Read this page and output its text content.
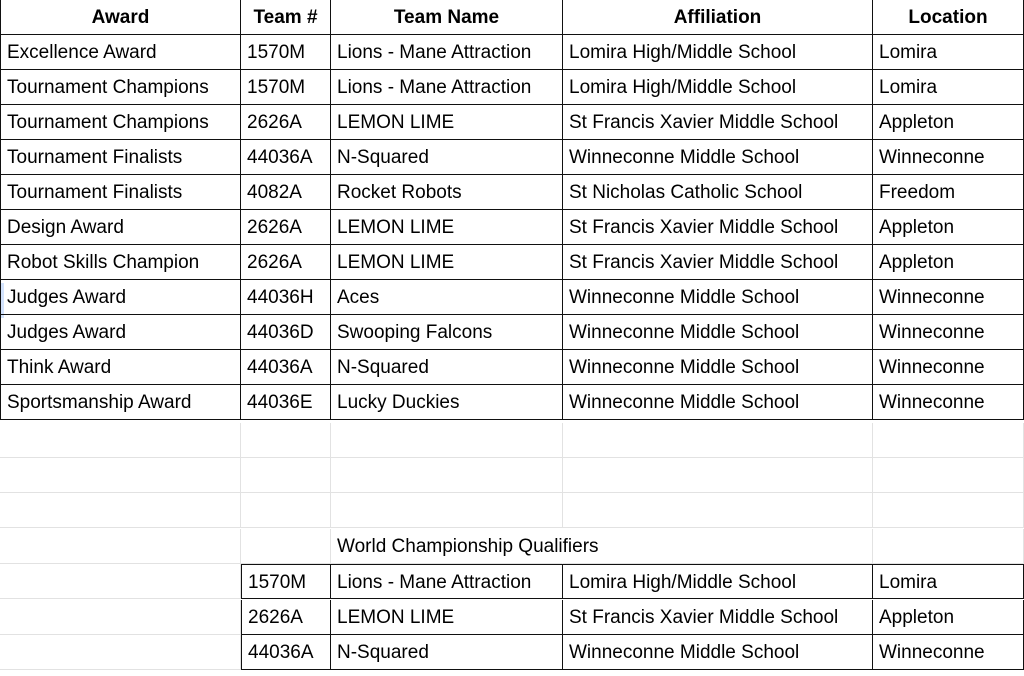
Award	Team #	Team Name	Affiliation	Location
Excellence Award	1570M	Lions - Mane Attraction	Lomira High/Middle School	Lomira
Tournament Champions	1570M	Lions - Mane Attraction	Lomira High/Middle School	Lomira
Tournament Champions	2626A	LEMON LIME	St Francis Xavier Middle School	Appleton
Tournament Finalists	44036A	N-Squared	Winneconne Middle School	Winneconne
Tournament Finalists	4082A	Rocket Robots	St Nicholas Catholic School	Freedom
Design Award	2626A	LEMON LIME	St Francis Xavier Middle School	Appleton
Robot Skills Champion	2626A	LEMON LIME	St Francis Xavier Middle School	Appleton
Judges Award	44036H	Aces	Winneconne Middle School	Winneconne
Judges Award	44036D	Swooping Falcons	Winneconne Middle School	Winneconne
Think Award	44036A	N-Squared	Winneconne Middle School	Winneconne
Sportsmanship Award	44036E	Lucky Duckies	Winneconne Middle School	Winneconne
World Championship Qualifiers
1570M	Lions - Mane Attraction	Lomira High/Middle School	Lomira
2626A	LEMON LIME	St Francis Xavier Middle School	Appleton
44036A	N-Squared	Winneconne Middle School	Winneconne
